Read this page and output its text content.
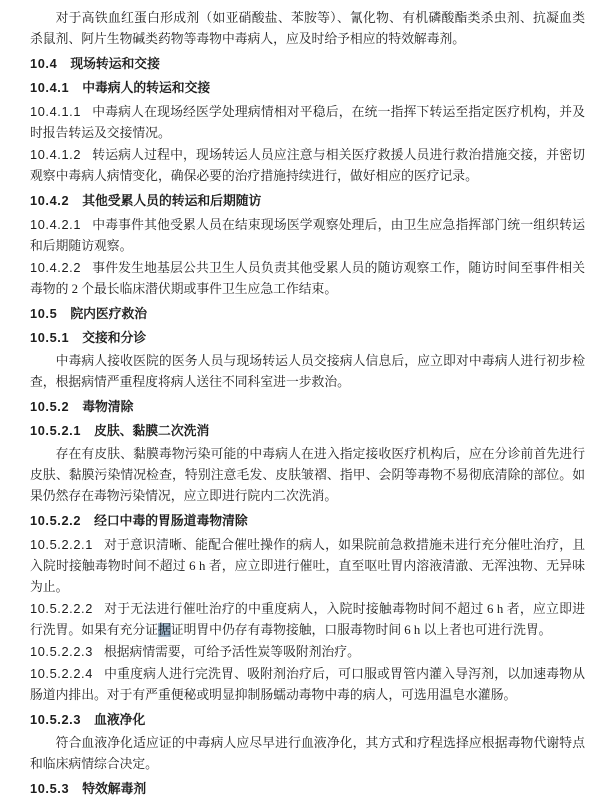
对于高铁血红蛋白形成剂（如亚硝酸盐、苯胺等）、氰化物、有机磷酸酯类杀虫剂、抗凝血类杀鼠剂、阿片生物碱类药物等毒物中毒病人，应及时给予相应的特效解毒剂。
10.4 现场转运和交接
10.4.1 中毒病人的转运和交接
10.4.1.1 中毒病人在现场经医学处理病情相对平稳后，在统一指挥下转运至指定医疗机构，并及时报告转运及交接情况。
10.4.1.2 转运病人过程中，现场转运人员应注意与相关医疗救援人员进行救治措施交接，并密切观察中毒病人病情变化，确保必要的治疗措施持续进行，做好相应的医疗记录。
10.4.2 其他受累人员的转运和后期随访
10.4.2.1 中毒事件其他受累人员在结束现场医学观察处理后，由卫生应急指挥部门统一组织转运和后期随访观察。
10.4.2.2 事件发生地基层公共卫生人员负责其他受累人员的随访观察工作，随访时间至事件相关毒物的 2 个最长临床潜伏期或事件卫生应急工作结束。
10.5 院内医疗救治
10.5.1 交接和分诊
中毒病人接收医院的医务人员与现场转运人员交接病人信息后，应立即对中毒病人进行初步检查，根据病情严重程度将病人送往不同科室进一步救治。
10.5.2 毒物清除
10.5.2.1 皮肤、黏膜二次洗消
存在有皮肤、黏膜毒物污染可能的中毒病人在进入指定接收医疗机构后，应在分诊前首先进行皮肤、黏膜污染情况检查，特别注意毛发、皮肤皱褶、指甲、会阴等毒物不易彻底清除的部位。如果仍然存在毒物污染情况，应立即进行院内二次洗消。
10.5.2.2 经口中毒的胃肠道毒物清除
10.5.2.2.1 对于意识清晰、能配合催吐操作的病人，如果院前急救措施未进行充分催吐治疗，且入院时接触毒物时间不超过 6 h 者，应立即进行催吐，直至呕吐胃内溶液清澈、无浑浊物、无异味为止。
10.5.2.2.2 对于无法进行催吐治疗的中重度病人，入院时接触毒物时间不超过 6 h 者，应立即进行洗胃。如果有充分证据证明胃中仍存有毒物接触，口服毒物时间 6 h 以上者也可进行洗胃。
10.5.2.2.3 根据病情需要，可给予活性炭等吸附剂治疗。
10.5.2.2.4 中重度病人进行完洗胃、吸附剂治疗后，可口服或胃管内灌入导泻剂，以加速毒物从肠道内排出。对于有严重便秘或明显抑制肠蠕动毒物中毒的病人，可选用温皂水灌肠。
10.5.2.3 血液净化
符合血液净化适应证的中毒病人应尽早进行血液净化，其方式和疗程选择应根据毒物代谢特点和临床病情综合决定。
10.5.3 特效解毒剂
